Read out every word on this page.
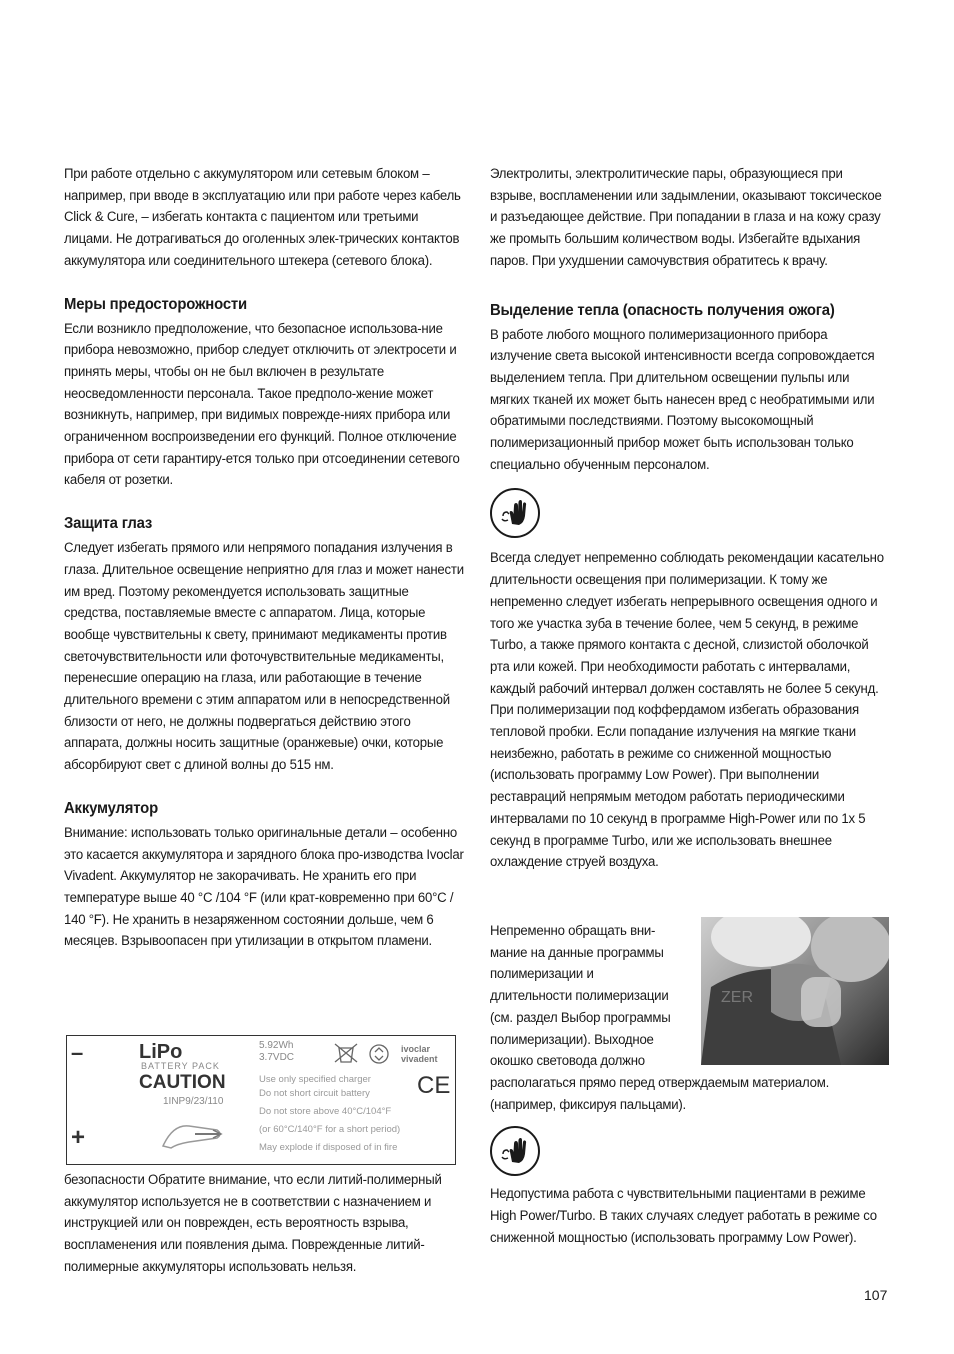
При работе отдельно с аккумулятором или сетевым блоком – например, при вводе в эксплуатацию или при работе через кабель Click & Cure, – избегать контакта с пациентом или третьими лицами. Не дотрагиваться до оголенных элек-трических контактов аккумулятора или соединительного штекера (сетевого блока).

Меры предосторожности

Если возникло предположение, что безопасное использова-ние прибора невозможно, прибор следует отключить от электросети и принять меры, чтобы он не был включен в результате неосведомленности персонала. Такое предполо-жение может возникнуть, например, при видимых поврежде-ниях прибора или ограниченном воспроизведении его функций. Полное отключение прибора от сети гарантиру-ется только при отсоединении сетевого кабеля от розетки.

Защита глаз

Следует избегать прямого или непрямого попадания излучения в глаза. Длительное освещение неприятно для глаз и может нанести им вред. Поэтому рекомендуется использовать защитные средства, поставляемые вместе с аппаратом. Лица, которые вообще чувствительны к свету, принимают медикаменты против светочувствительности или фоточувствительные медикаменты, перенесшие операцию на глаза, или работающие в течение длительного времени с этим аппаратом или в непосредственной близости от него, не должны подвергаться действию этого аппарата, должны носить защитные (оранжевые) очки, которые абсорбируют свет с длиной волны до 515 нм.

Аккумулятор

Внимание: использовать только оригинальные детали – особенно это касается аккумулятора и зарядного блока про-изводства Ivoclar Vivadent. Аккумулятор не закорачивать. Не хранить его при температуре выше 40 °C /104 °F (или крат-ковременно при 60°C / 140 °F). Не хранить в незаряженном состоянии дольше, чем 6 месяцев. Взрывоопасен при утилизации в открытом пламени.

–
+
LiPo
BATTERY PACK
CAUTION
1INP9/23/110
5.92Wh
3.7VDC
ivoclar
vivadent
CE
Use only specified charger
Do not short circuit battery
Do not store above 40°C/104°F
(or 60°C/140°F for a short period)
May explode if disposed of in fire

безопасности Обратите внимание, что если литий-полимерный аккумулятор используется не в соответствии с назначением и инструкцией или он поврежден, есть вероятность взрыва, воспламенения или появления дыма. Поврежденные литий-полимерные аккумуляторы использовать нельзя.

Электролиты, электролитические пары, образующиеся при взрыве, воспламенении или задымлении, оказывают токсическое и разъедающее действие. При попадании в глаза и на кожу сразу же промыть большим количеством воды. Избегайте вдыхания паров. При ухудшении самочувствия обратитесь к врачу.

Выделение тепла (опасность получения ожога)

В работе любого мощного полимеризационного прибора излучение света высокой интенсивности всегда сопровождается выделением тепла. При длительном освещении пульпы или мягких тканей их может быть нанесен вред с необратимыми или обратимыми последствиями. Поэтому высокомощный полимеризационный прибор может быть использован только специально обученным персоналом.

Всегда следует непременно соблюдать рекомендации касательно длительности освещения при полимеризации. К тому же непременно следует избегать непрерывного освещения одного и того же участка зуба в течение более, чем 5 секунд, в режиме Turbo, а также прямого контакта с десной, слизистой оболочкой рта или кожей. При необходимости работать с интервалами, каждый рабочий интервал должен составлять не более 5 секунд. При полимеризации под коффердамом избегать образования тепловой пробки. Если попадание излучения на мягкие ткани неизбежно, работать в режиме со сниженной мощностью (использовать программу Low Power). При выполнении реставраций непрямым методом работать периодическими интервалами по 10 секунд в программе High-Power или по 1x 5 секунд в программе Turbo, или же использовать внешнее охлаждение струей воздуха.

Непременно обращать вни-
мание на данные программы
полимеризации и
длительности полимеризации
(см. раздел Выбор программы
полимеризации). Выходное
окошко световода должно
ZER

располагаться прямо перед отверждаемым материалом. (например, фиксируя пальцами).

Недопустима работа с чувствительными пациентами в режиме High Power/Turbo. В таких случаях следует работать в режиме со сниженной мощностью (использовать программу Low Power).

107
